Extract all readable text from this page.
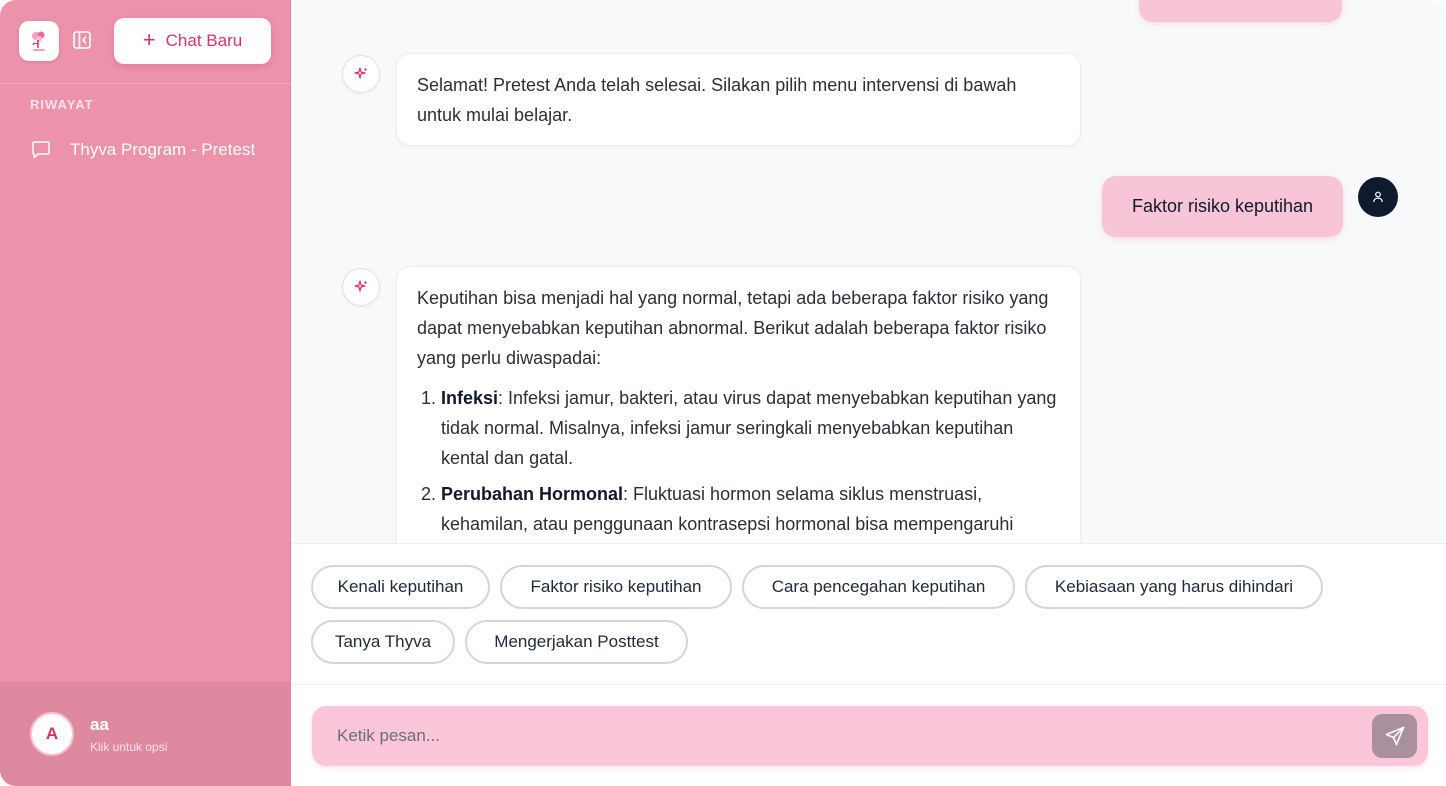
+ Chat Baru
RIWAYAT
Thyva Program - Pretest
A	aa
Klik untuk opsi
Selamat! Pretest Anda telah selesai. Silakan pilih menu intervensi di bawah untuk mulai belajar.
Faktor risiko keputihan
Keputihan bisa menjadi hal yang normal, tetapi ada beberapa faktor risiko yang dapat menyebabkan keputihan abnormal. Berikut adalah beberapa faktor risiko yang perlu diwaspadai:
1. Infeksi: Infeksi jamur, bakteri, atau virus dapat menyebabkan keputihan yang tidak normal. Misalnya, infeksi jamur seringkali menyebabkan keputihan kental dan gatal.
2. Perubahan Hormonal: Fluktuasi hormon selama siklus menstruasi, kehamilan, atau penggunaan kontrasepsi hormonal bisa mempengaruhi
Kenali keputihan	Faktor risiko keputihan	Cara pencegahan keputihan	Kebiasaan yang harus dihindari
Tanya Thyva	Mengerjakan Posttest
Ketik pesan...
